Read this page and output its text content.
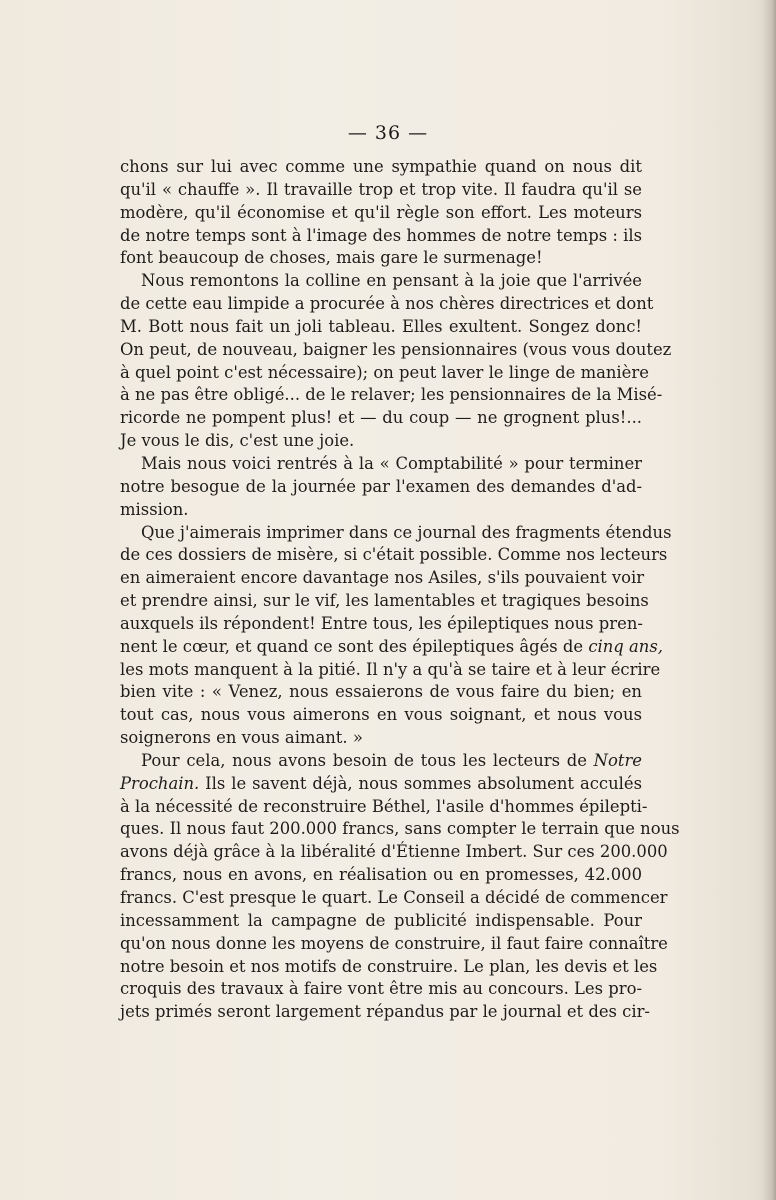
— 36 —
chons sur lui avec comme une sympathie quand on nous dit
qu'il « chauffe ». Il travaille trop et trop vite. Il faudra qu'il se
modère, qu'il économise et qu'il règle son effort. Les moteurs
de notre temps sont à l'image des hommes de notre temps : ils
font beaucoup de choses, mais gare le surmenage!
Nous remontons la colline en pensant à la joie que l'arrivée
de cette eau limpide a procurée à nos chères directrices et dont
M. Bott nous fait un joli tableau. Elles exultent. Songez donc!
On peut, de nouveau, baigner les pensionnaires (vous vous doutez
à quel point c'est nécessaire); on peut laver le linge de manière
à ne pas être obligé... de le relaver; les pensionnaires de la Misé-
ricorde ne pompent plus! et — du coup — ne grognent plus!...
Je vous le dis, c'est une joie.
Mais nous voici rentrés à la « Comptabilité » pour terminer
notre besogue de la journée par l'examen des demandes d'ad-
mission.
Que j'aimerais imprimer dans ce journal des fragments étendus
de ces dossiers de misère, si c'était possible. Comme nos lecteurs
en aimeraient encore davantage nos Asiles, s'ils pouvaient voir
et prendre ainsi, sur le vif, les lamentables et tragiques besoins
auxquels ils répondent! Entre tous, les épileptiques nous pren-
nent le cœur, et quand ce sont des épileptiques âgés de cinq ans,
les mots manquent à la pitié. Il n'y a qu'à se taire et à leur écrire
bien vite : « Venez, nous essaierons de vous faire du bien; en
tout cas, nous vous aimerons en vous soignant, et nous vous
soignerons en vous aimant. »
Pour cela, nous avons besoin de tous les lecteurs de Notre
Prochain. Ils le savent déjà, nous sommes absolument acculés
à la nécessité de reconstruire Béthel, l'asile d'hommes épilepti-
ques. Il nous faut 200.000 francs, sans compter le terrain que nous
avons déjà grâce à la libéralité d'Étienne Imbert. Sur ces 200.000
francs, nous en avons, en réalisation ou en promesses, 42.000
francs. C'est presque le quart. Le Conseil a décidé de commencer
incessamment la campagne de publicité indispensable. Pour
qu'on nous donne les moyens de construire, il faut faire connaître
notre besoin et nos motifs de construire. Le plan, les devis et les
croquis des travaux à faire vont être mis au concours. Les pro-
jets primés seront largement répandus par le journal et des cir-
